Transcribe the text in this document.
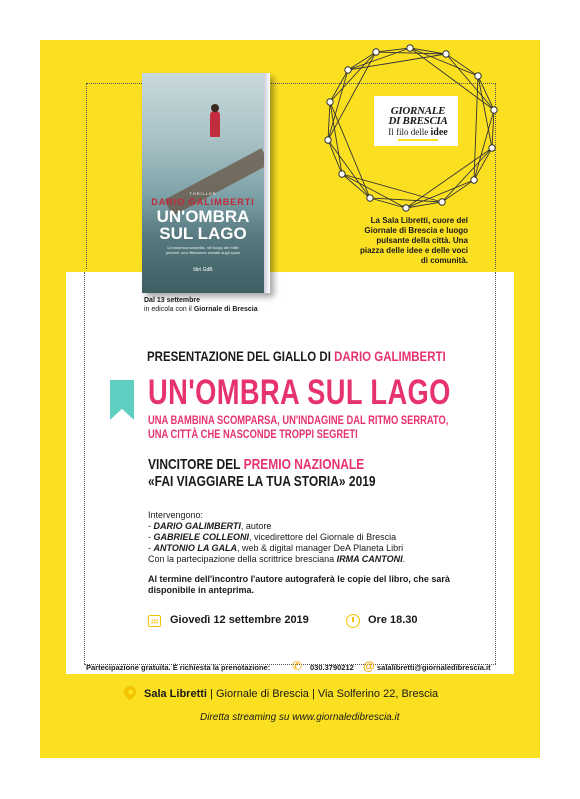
GIORNALE
DI BRESCIA
Il filo delle idee
La Sala Libretti, cuore del Giornale di Brescia e luogo pulsante della città. Una piazza delle idee e delle voci di comunità.
THRILLER
DARIO GALIMBERTI
UN'OMBRA
SUL LAGO
Un'assenza sospetta, nel luogo dei mille peccati: una riflessione sociale sugli spazi
libri GdB
Dal 13 settembre
in edicola con il Giornale di Brescia
PRESENTAZIONE DEL GIALLO DI DARIO GALIMBERTI
UN'OMBRA SUL LAGO
UNA BAMBINA SCOMPARSA, UN'INDAGINE DAL RITMO SERRATO,
UNA CITTÀ CHE NASCONDE TROPPI SEGRETI
VINCITORE DEL PREMIO NAZIONALE
«FAI VIAGGIARE LA TUA STORIA» 2019
Intervengono:
- DARIO GALIMBERTI, autore
- GABRIELE COLLEONI, vicedirettore del Giornale di Brescia
- ANTONIO LA GALA, web & digital manager DeA Planeta Libri
Con la partecipazione della scrittrice bresciana IRMA CANTONI.
Al termine dell'incontro l'autore autograferà le copie del libro, che sarà disponibile in anteprima.
Giovedì 12 settembre 2019	Ore 18.30
Partecipazione gratuita. È richiesta la prenotazione: ✆ 030.3790212 @ salalibretti@giornaledibrescia.it
Sala Libretti | Giornale di Brescia | Via Solferino 22, Brescia
Diretta streaming su www.giornaledibrescia.it
